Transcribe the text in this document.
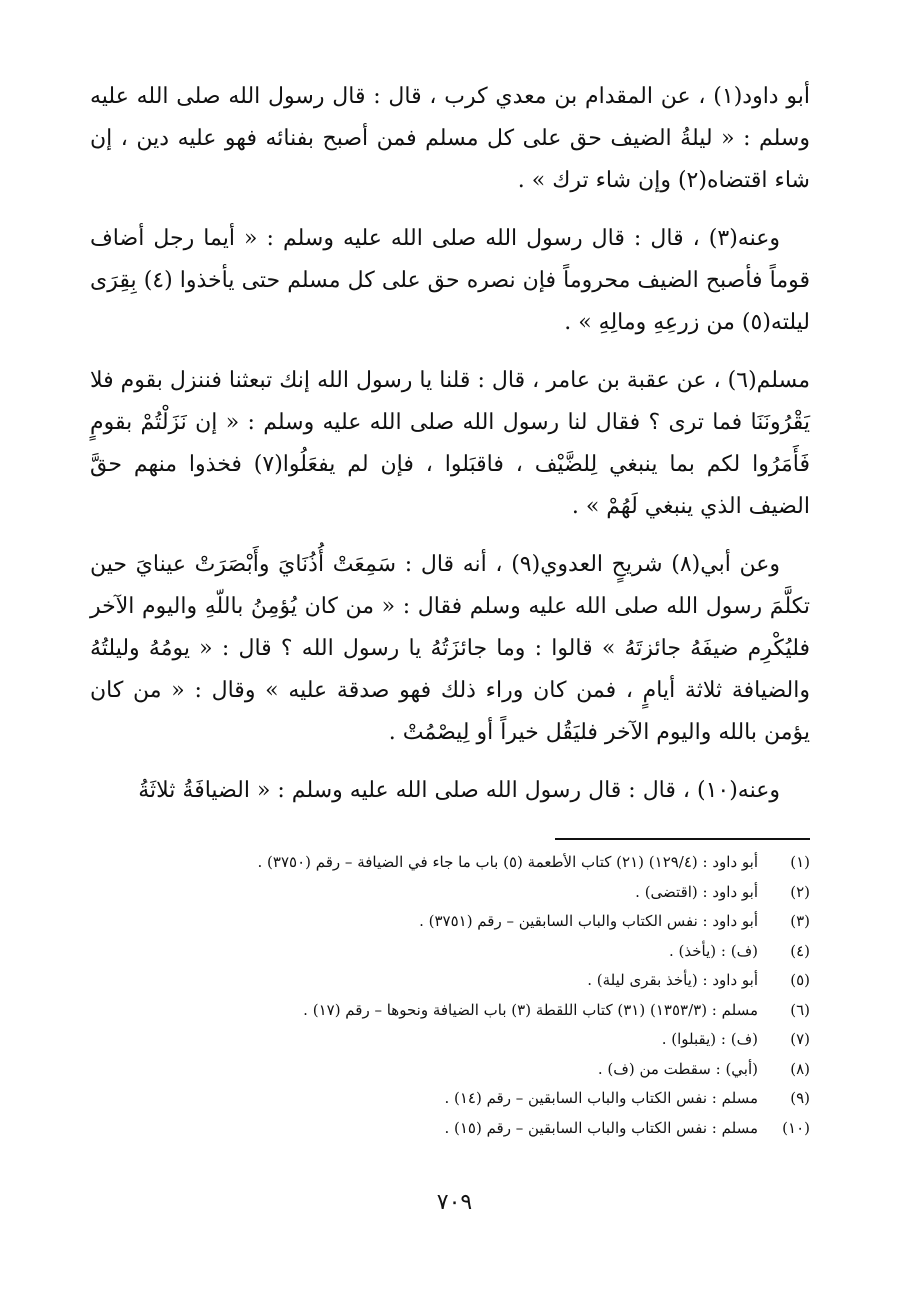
أبو داود(١) ، عن المقدام بن معدي كرب ، قال : قال رسول الله صلى الله عليه وسلم : « ليلةُ الضيف حق على كل مسلم فمن أصبح بفنائه فهو عليه دين ، إن شاء اقتضاه(٢) وإن شاء ترك » .

وعنه(٣) ، قال : قال رسول الله صلى الله عليه وسلم : « أيما رجل أضاف قوماً فأصبح الضيف محروماً فإن نصره حق على كل مسلم حتى يأخذوا (٤) بِقِرَى ليلته(٥) من زرعِهِ ومالِهِ » .

مسلم(٦) ، عن عقبة بن عامر ، قال : قلنا يا رسول الله إنك تبعثنا فننزل بقوم فلا يَقْرُونَنَا فما ترى ؟ فقال لنا رسول الله صلى الله عليه وسلم : « إن نَزَلْتُمْ بقومٍ فَأَمَرُوا لكم بما ينبغي لِلضَّيْف ، فاقبَلوا ، فإن لم يفعَلُوا(٧) فخذوا منهم حقَّ الضيف الذي ينبغي لَهُمْ » .

وعن أبي(٨) شريحٍ العدوي(٩) ، أنه قال : سَمِعَتْ أُذُنَايَ وأَبْصَرَتْ عينايَ حين تكلَّمَ رسول الله صلى الله عليه وسلم فقال : « من كان يُؤمِنُ باللّهِ واليوم الآخر فليُكْرِم ضيفَهُ جائزتَهُ » قالوا : وما جائزَتُهُ يا رسول الله ؟ قال : « يومُهُ وليلتُهُ والضيافة ثلاثة أيامٍ ، فمن كان وراء ذلك فهو صدقة عليه » وقال : « من كان يؤمن بالله واليوم الآخر فليَقُل خيراً أو لِيصْمُتْ .

وعنه(١٠) ، قال : قال رسول الله صلى الله عليه وسلم : « الضيافَةُ ثلاثَةُ

(١)
أبو داود : (١٢٩/٤) (٢١) كتاب الأطعمة (٥) باب ما جاء في الضيافة – رقم (٣٧٥٠) .
(٢)
أبو داود : (اقتضى) .
(٣)
أبو داود : نفس الكتاب والباب السابقين – رقم (٣٧٥١) .
(٤)
(ف) : (يأخذ) .
(٥)
أبو داود : (يأخذ بقرى ليلة) .
(٦)
مسلم : (١٣٥٣/٣) (٣١) كتاب اللقطة (٣) باب الضيافة ونحوها – رقم (١٧) .
(٧)
(ف) : (يقبلوا) .
(٨)
(أبي) : سقطت من (ف) .
(٩)
مسلم : نفس الكتاب والباب السابقين – رقم (١٤) .
(١٠)
مسلم : نفس الكتاب والباب السابقين – رقم (١٥) .
٧٠٩
